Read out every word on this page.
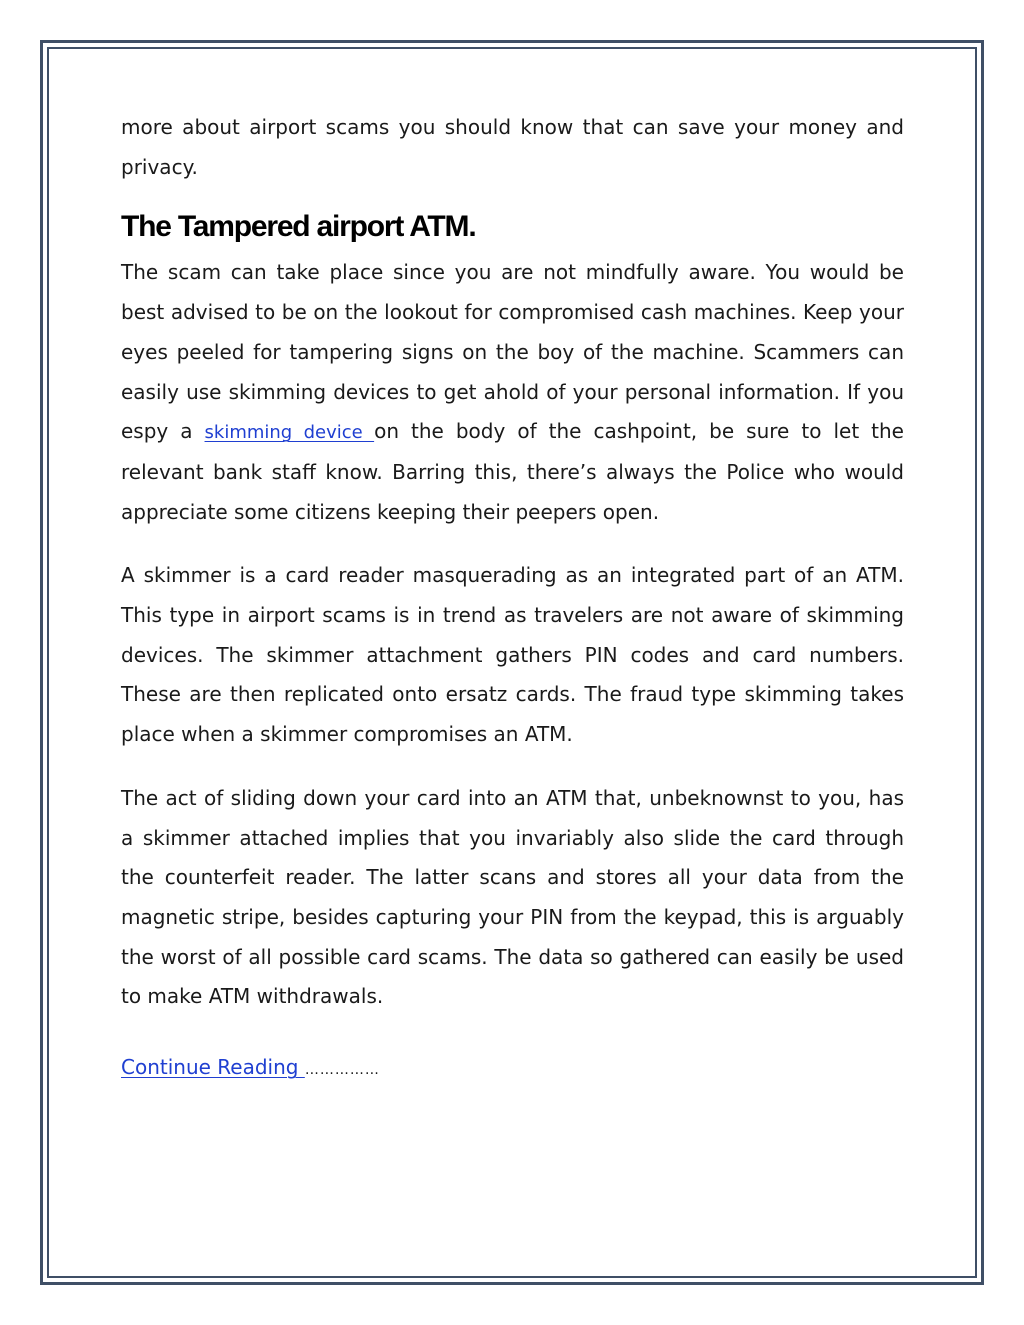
more about airport scams you should know that can save your money and privacy.

The Tampered airport ATM.

The scam can take place since you are not mindfully aware. You would be best advised to be on the lookout for compromised cash machines. Keep your eyes peeled for tampering signs on the boy of the machine. Scammers can easily use skimming devices to get ahold of your personal information. If you espy a skimming device on the body of the cashpoint, be sure to let the relevant bank staff know. Barring this, there’s always the Police who would appreciate some citizens keeping their peepers open.

A skimmer is a card reader masquerading as an integrated part of an ATM. This type in airport scams is in trend as travelers are not aware of skimming devices. The skimmer attachment gathers PIN codes and card numbers. These are then replicated onto ersatz cards. The fraud type skimming takes place when a skimmer compromises an ATM.

The act of sliding down your card into an ATM that, unbeknownst to you, has a skimmer attached implies that you invariably also slide the card through the counterfeit reader. The latter scans and stores all your data from the magnetic stripe, besides capturing your PIN from the keypad, this is arguably the worst of all possible card scams. The data so gathered can easily be used to make ATM withdrawals.

Continue Reading ……………
